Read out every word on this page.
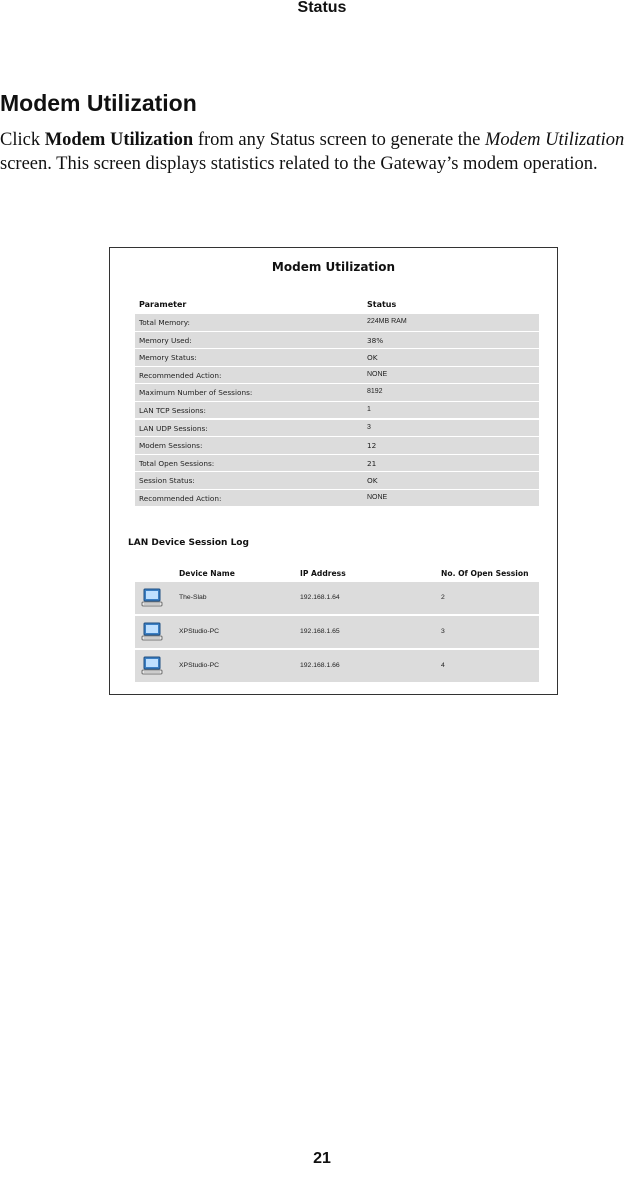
Status
Modem Utilization
Click Modem Utilization from any Status screen to generate the Modem Utilization screen. This screen displays statistics related to the Gateway’s modem operation.
Modem Utilization
Parameter	Status
Total Memory:	224MB RAM
Memory Used:	38%
Memory Status:	OK
Recommended Action:	NONE
Maximum Number of Sessions:	8192
LAN TCP Sessions:	1
LAN UDP Sessions:	3
Modem Sessions:	12
Total Open Sessions:	21
Session Status:	OK
Recommended Action:	NONE
LAN Device Session Log
Device Name	IP Address	No. Of Open Session
The-Slab	192.168.1.64	2
XPStudio-PC	192.168.1.65	3
XPStudio-PC	192.168.1.66	4
21
